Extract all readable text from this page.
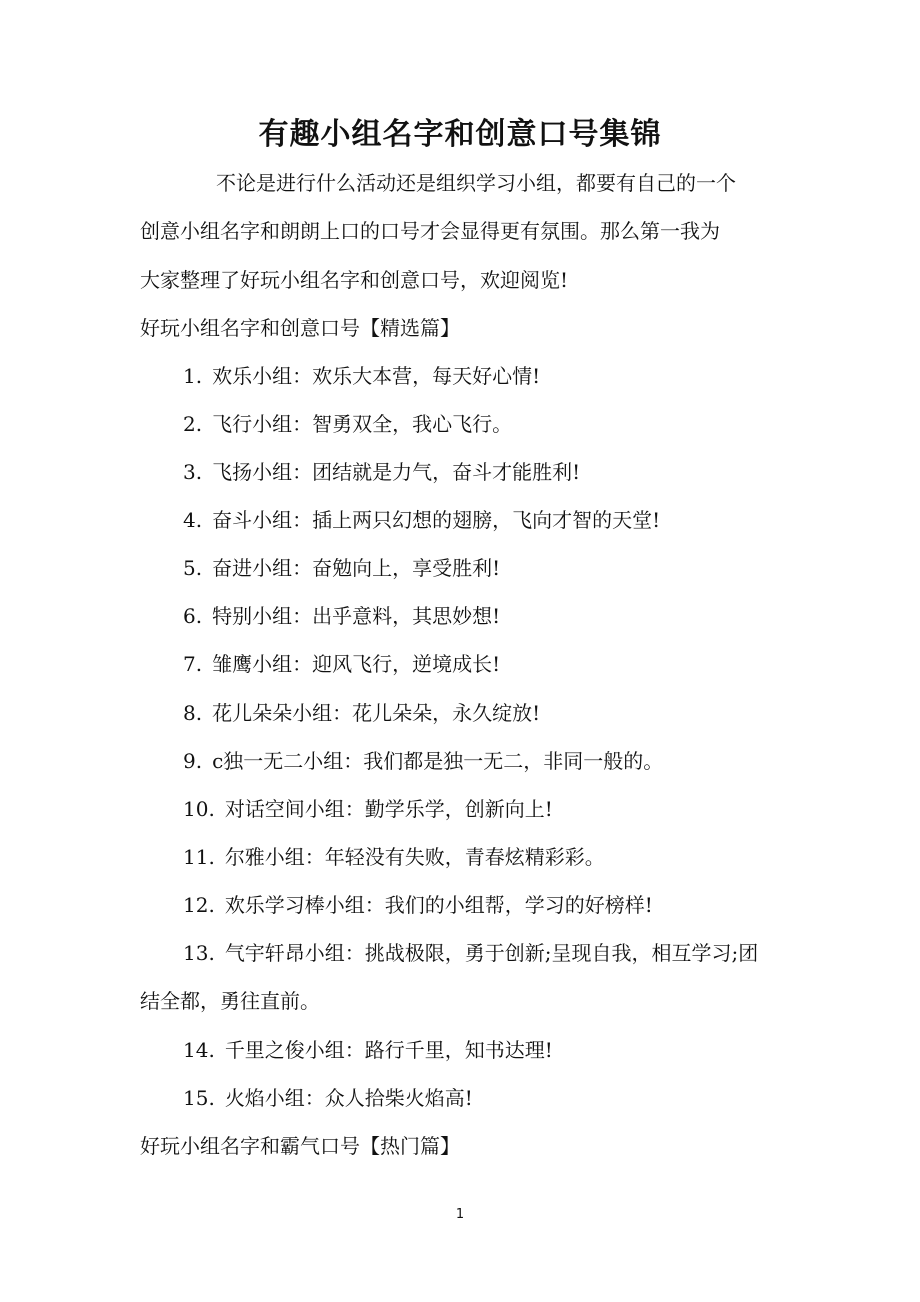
有趣小组名字和创意口号集锦
不论是进行什么活动还是组织学习小组，都要有自己的一个
创意小组名字和朗朗上口的口号才会显得更有氛围。那么第一我为
大家整理了好玩小组名字和创意口号，欢迎阅览!
好玩小组名字和创意口号【精选篇】
1. 欢乐小组：欢乐大本营，每天好心情!
2. 飞行小组：智勇双全，我心飞行。
3. 飞扬小组：团结就是力气，奋斗才能胜利!
4. 奋斗小组：插上两只幻想的翅膀，飞向才智的天堂!
5. 奋进小组：奋勉向上，享受胜利!
6. 特别小组：出乎意料，其思妙想!
7. 雏鹰小组：迎风飞行，逆境成长!
8. 花儿朵朵小组：花儿朵朵，永久绽放!
9. c独一无二小组：我们都是独一无二，非同一般的。
10. 对话空间小组：勤学乐学，创新向上!
11. 尔雅小组：年轻没有失败，青春炫精彩彩。
12. 欢乐学习棒小组：我们的小组帮，学习的好榜样!
13. 气宇轩昂小组：挑战极限，勇于创新;呈现自我，相互学习;团
结全都，勇往直前。
14. 千里之俊小组：路行千里，知书达理!
15. 火焰小组：众人拾柴火焰高!
好玩小组名字和霸气口号【热门篇】
1
